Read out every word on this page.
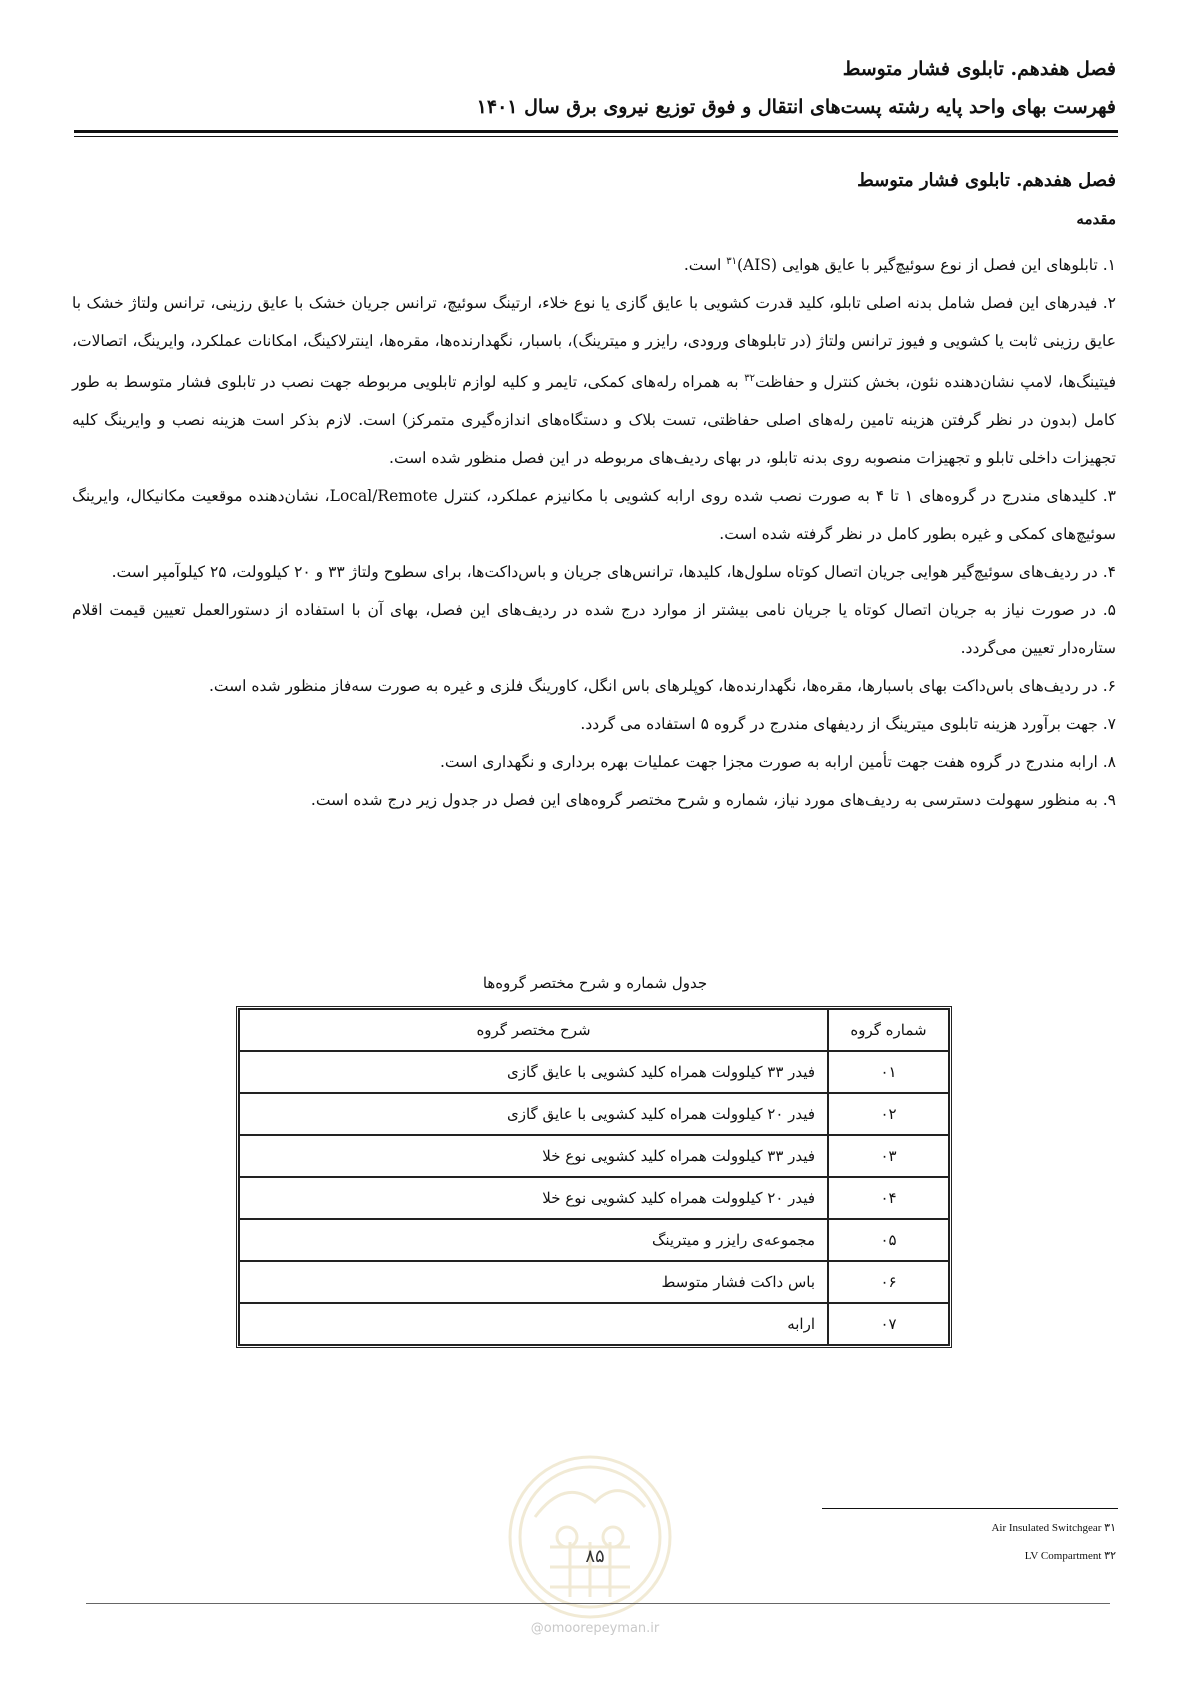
فصل هفدهم. تابلوی فشار متوسط
فهرست بهای واحد پایه رشته پست‌های انتقال و فوق توزیع نیروی برق سال ۱۴۰۱
فصل هفدهم. تابلوی فشار متوسط
مقدمه

۱. تابلوهای این فصل از نوع سوئیچ‌گیر با عایق هوایی (AIS)$^{۳۱}$ است.

۲. فیدرهای این فصل شامل بدنه اصلی تابلو، کلید قدرت کشویی با عایق گازی یا نوع خلاء، ارتینگ سوئیچ، ترانس جریان خشک با عایق رزینی، ترانس ولتاژ خشک با عایق رزینی ثابت یا کشویی و فیوز ترانس ولتاژ (در تابلوهای ورودی، رایزر و میترینگ)، باسبار، نگهدارنده‌ها، مقره‌ها، اینترلاکینگ، امکانات عملکرد، وایرینگ، اتصالات، فیتینگ‌ها، لامپ نشان‌دهنده نئون، بخش کنترل و حفاظت$^{۳۲}$ به همراه رله‌های کمکی، تایمر و کلیه لوازم تابلویی مربوطه جهت نصب در تابلوی فشار متوسط به طور کامل (بدون در نظر گرفتن هزینه تامین رله‌های اصلی حفاظتی، تست بلاک و دستگاه‌های اندازه‌گیری متمرکز) است. لازم بذکر است هزینه نصب و وایرینگ کلیه تجهیزات داخلی تابلو و تجهیزات منصوبه روی بدنه تابلو، در بهای ردیف‌های مربوطه در این فصل منظور شده است.

۳. کلیدهای مندرج در گروه‌های ۱ تا ۴ به صورت نصب شده روی ارابه کشویی با مکانیزم عملکرد، کنترل Local/Remote، نشان‌دهنده موقعیت مکانیکال، وایرینگ سوئیچ‌های کمکی و غیره بطور کامل در نظر گرفته شده است.

۴. در ردیف‌های سوئیچ‌گیر هوایی جریان اتصال کوتاه سلول‌ها، کلیدها، ترانس‌های جریان و باس‌داکت‌ها، برای سطوح ولتاژ ۳۳ و ۲۰ کیلوولت، ۲۵ کیلوآمپر است.

۵. در صورت نیاز به جریان اتصال کوتاه یا جریان نامی بیشتر از موارد درج شده در ردیف‌های این فصل، بهای آن با استفاده از دستورالعمل تعیین قیمت اقلام ستاره‌دار تعیین می‌گردد.

۶. در ردیف‌های باس‌داکت بهای باسبارها، مقره‌ها، نگهدارنده‌ها، کوپلرهای باس انگل، کاورینگ فلزی و غیره به صورت سه‌فاز منظور شده است.

۷. جهت برآورد هزینه تابلوی میترینگ از ردیفهای مندرج در گروه ۵ استفاده می گردد.

۸. ارابه مندرج در گروه هفت جهت تأمین ارابه به صورت مجزا جهت عملیات بهره برداری و نگهداری است.

۹. به منظور سهولت دسترسی به ردیف‌های مورد نیاز، شماره و شرح مختصر گروه‌های این فصل در جدول زیر درج شده است.

جدول شماره و شرح مختصر گروه‌ها
شماره گروه	شرح مختصر گروه
۰۱	فیدر ۳۳ کیلوولت همراه کلید کشویی با عایق گازی
۰۲	فیدر ۲۰ کیلوولت همراه کلید کشویی با عایق گازی
۰۳	فیدر ۳۳ کیلوولت همراه کلید کشویی نوع خلا
۰۴	فیدر ۲۰ کیلوولت همراه کلید کشویی نوع خلا
۰۵	مجموعه‌ی رایزر و میترینگ
۰۶	باس داکت فشار متوسط
۰۷	ارابه
۳۱ Air Insulated Switchgear
۳۲ LV Compartment
۸۵
@omoorepeyman.ir
